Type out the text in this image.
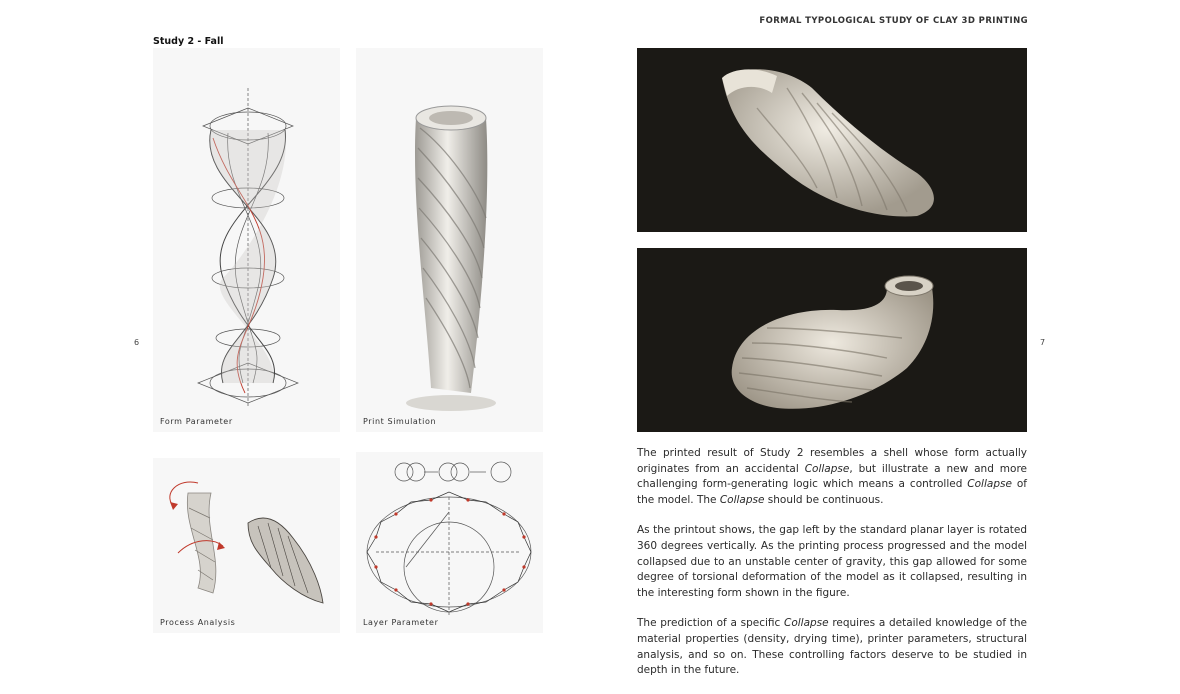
FORMAL TYPOLOGICAL STUDY OF CLAY 3D PRINTING
Study 2 - Fall
6	7
Form Parameter	Print Simulation
Process Analysis	Layer Parameter

The printed result of Study 2 resembles a shell whose form actually originates from an accidental Collapse, but illustrate a new and more challenging form-generating logic which means a controlled Collapse of the model. The Collapse should be continuous.

As the printout shows, the gap left by the standard planar layer is rotated 360 degrees vertically. As the printing process progressed and the model collapsed due to an unstable center of gravity, this gap allowed for some degree of torsional deformation of the model as it collapsed, resulting in the interesting form shown in the figure.

The prediction of a specific Collapse requires a detailed knowledge of the material properties (density, drying time), printer parameters, structural analysis, and so on. These controlling factors deserve to be studied in depth in the future.
